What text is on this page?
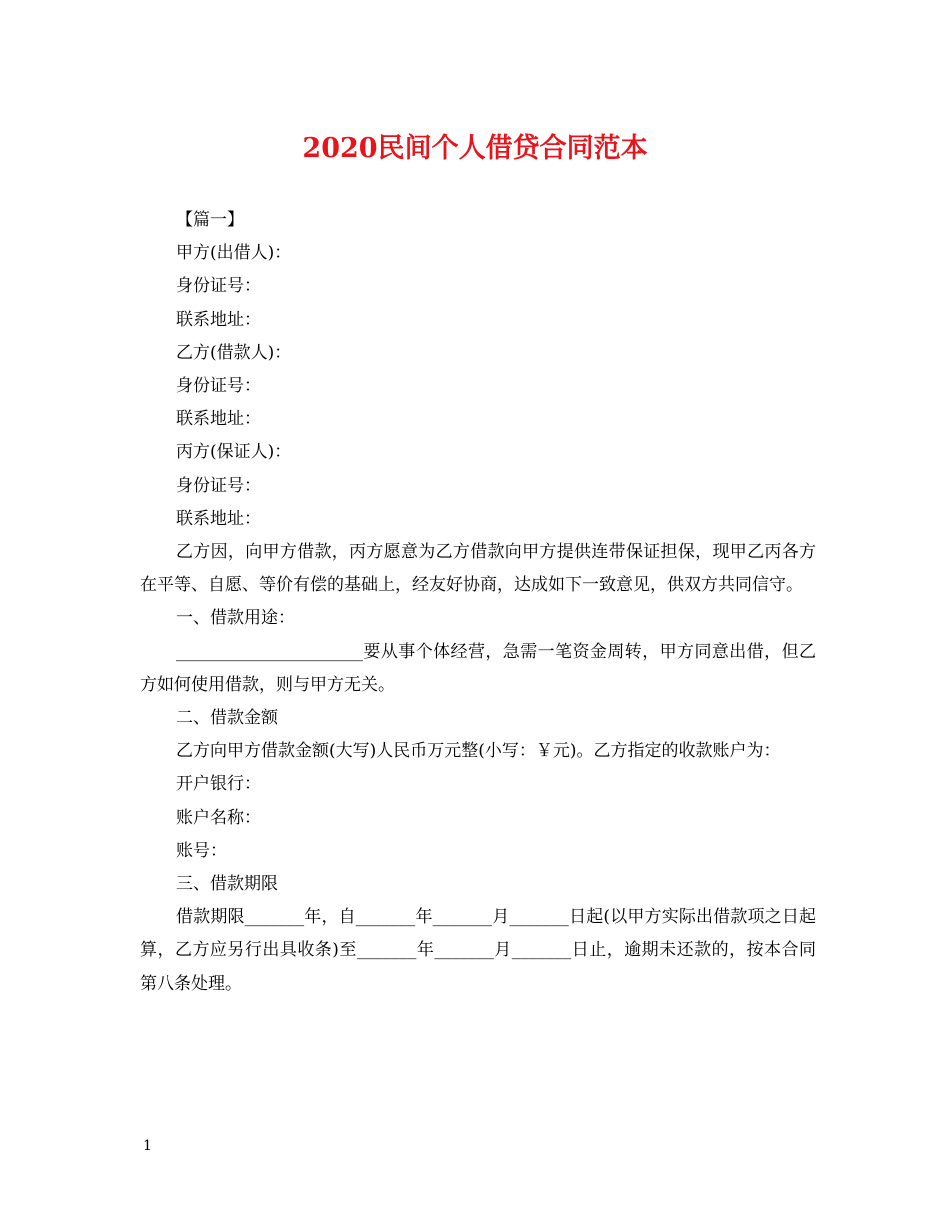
2020民间个人借贷合同范本

【篇一】

甲方(出借人)：

身份证号：

联系地址：

乙方(借款人)：

身份证号：

联系地址：

丙方(保证人)：

身份证号：

联系地址：

乙方因，向甲方借款，丙方愿意为乙方借款向甲方提供连带保证担保，现甲乙丙各方在平等、自愿、等价有偿的基础上，经友好协商，达成如下一致意见，供双方共同信守。

一、借款用途：

______________________要从事个体经营，急需一笔资金周转，甲方同意出借，但乙方如何使用借款，则与甲方无关。

二、借款金额

乙方向甲方借款金额(大写)人民币万元整(小写：￥元)。乙方指定的收款账户为：

开户银行：

账户名称：

账号：

三、借款期限

借款期限_______年，自_______年_______月_______日起(以甲方实际出借款项之日起算，乙方应另行出具收条)至_______年_______月_______日止，逾期未还款的，按本合同第八条处理。

1
